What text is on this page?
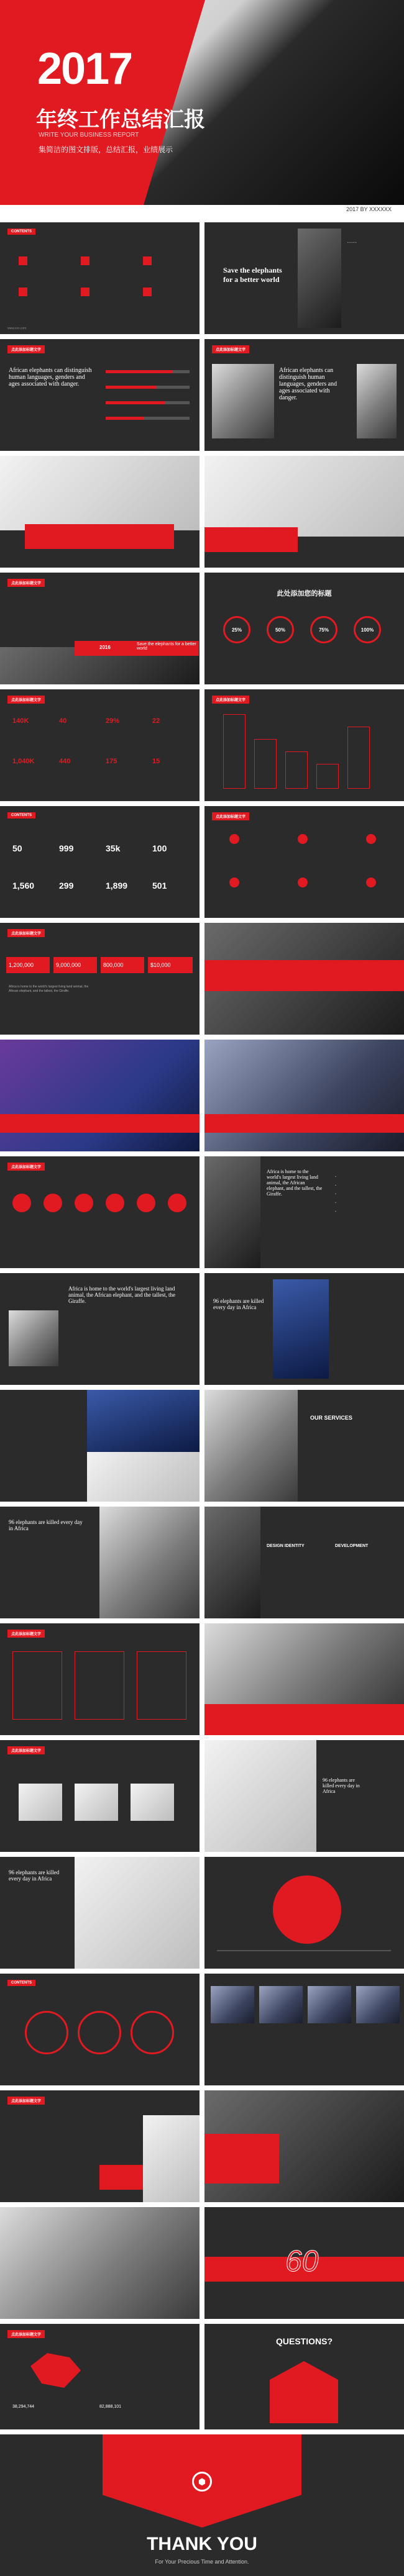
2017
年终工作总结汇报
WRITE YOUR BUSINESS REPORT
集简洁的图文排版，总结汇报，业绩展示
2017 BY XXXXXX
CONTENTS
www.xxx.com
Save the elephants for a better world
▪ ▪ ▪ ▪ ▪
点此添加标题文字
African elephants can distinguish human languages, genders and ages associated with danger.
点此添加标题文字
African elephants can distinguish human languages, genders and ages associated with danger.
点此添加标题文字
2016
Save the elephants for a better world
此处添加您的标题
25%	50%	75%	100%
点此添加标题文字
140K	40	29%	22
1,040K	440	175	15
点此添加标题文字
CONTENTS
50	999	35k	100
1,560	299	1,899	501
点此添加标题文字
点此添加标题文字
1,200,000	9,000,000	800,000	$10,000
Africa is home to the world's largest living land animal, the African elephant, and the tallest, the Giraffe.
点此添加标题文字
Africa is home to the world's largest living land animal, the African elephant, and the tallest, the Giraffe.
▪

▪

▪

▪

▪
Africa is home to the world's largest living land animal, the African elephant, and the tallest, the Giraffe.	96 elephants are killed every day in Africa
OUR SERVICES
96 elephants are killed every day in Africa
DESIGN IDENTITY	DEVELOPMENT
点此添加标题文字
点此添加标题文字
96 elephants are killed every day in Africa
96 elephants are killed every day in Africa
CONTENTS
点此添加标题文字
60
点此添加标题文字
38,294,744	82,888,101
QUESTIONS?
⬢
THANK YOU
For Your Precious Time and Attention.
